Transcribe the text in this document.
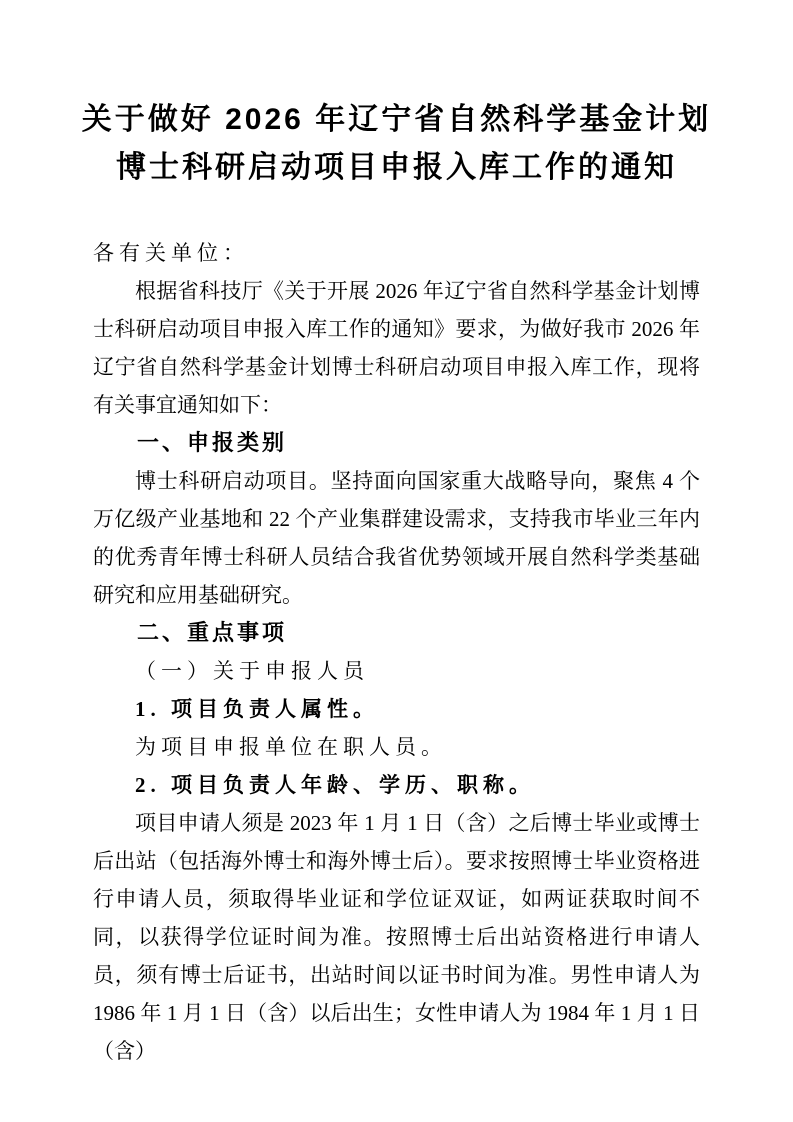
关于做好 2026 年辽宁省自然科学基金计划
博士科研启动项目申报入库工作的通知

各有关单位：

根据省科技厅《关于开展 2026 年辽宁省自然科学基金计划博士科研启动项目申报入库工作的通知》要求，为做好我市 2026 年辽宁省自然科学基金计划博士科研启动项目申报入库工作，现将有关事宜通知如下：

一、申报类别

博士科研启动项目。坚持面向国家重大战略导向，聚焦 4 个万亿级产业基地和 22 个产业集群建设需求，支持我市毕业三年内的优秀青年博士科研人员结合我省优势领域开展自然科学类基础研究和应用基础研究。

二、重点事项

（一）关于申报人员

1. 项目负责人属性。

为项目申报单位在职人员。

2. 项目负责人年龄、学历、职称。

项目申请人须是 2023 年 1 月 1 日（含）之后博士毕业或博士后出站（包括海外博士和海外博士后）。要求按照博士毕业资格进行申请人员，须取得毕业证和学位证双证，如两证获取时间不同，以获得学位证时间为准。按照博士后出站资格进行申请人员，须有博士后证书，出站时间以证书时间为准。男性申请人为 1986 年 1 月 1 日（含）以后出生；女性申请人为 1984 年 1 月 1 日（含）
